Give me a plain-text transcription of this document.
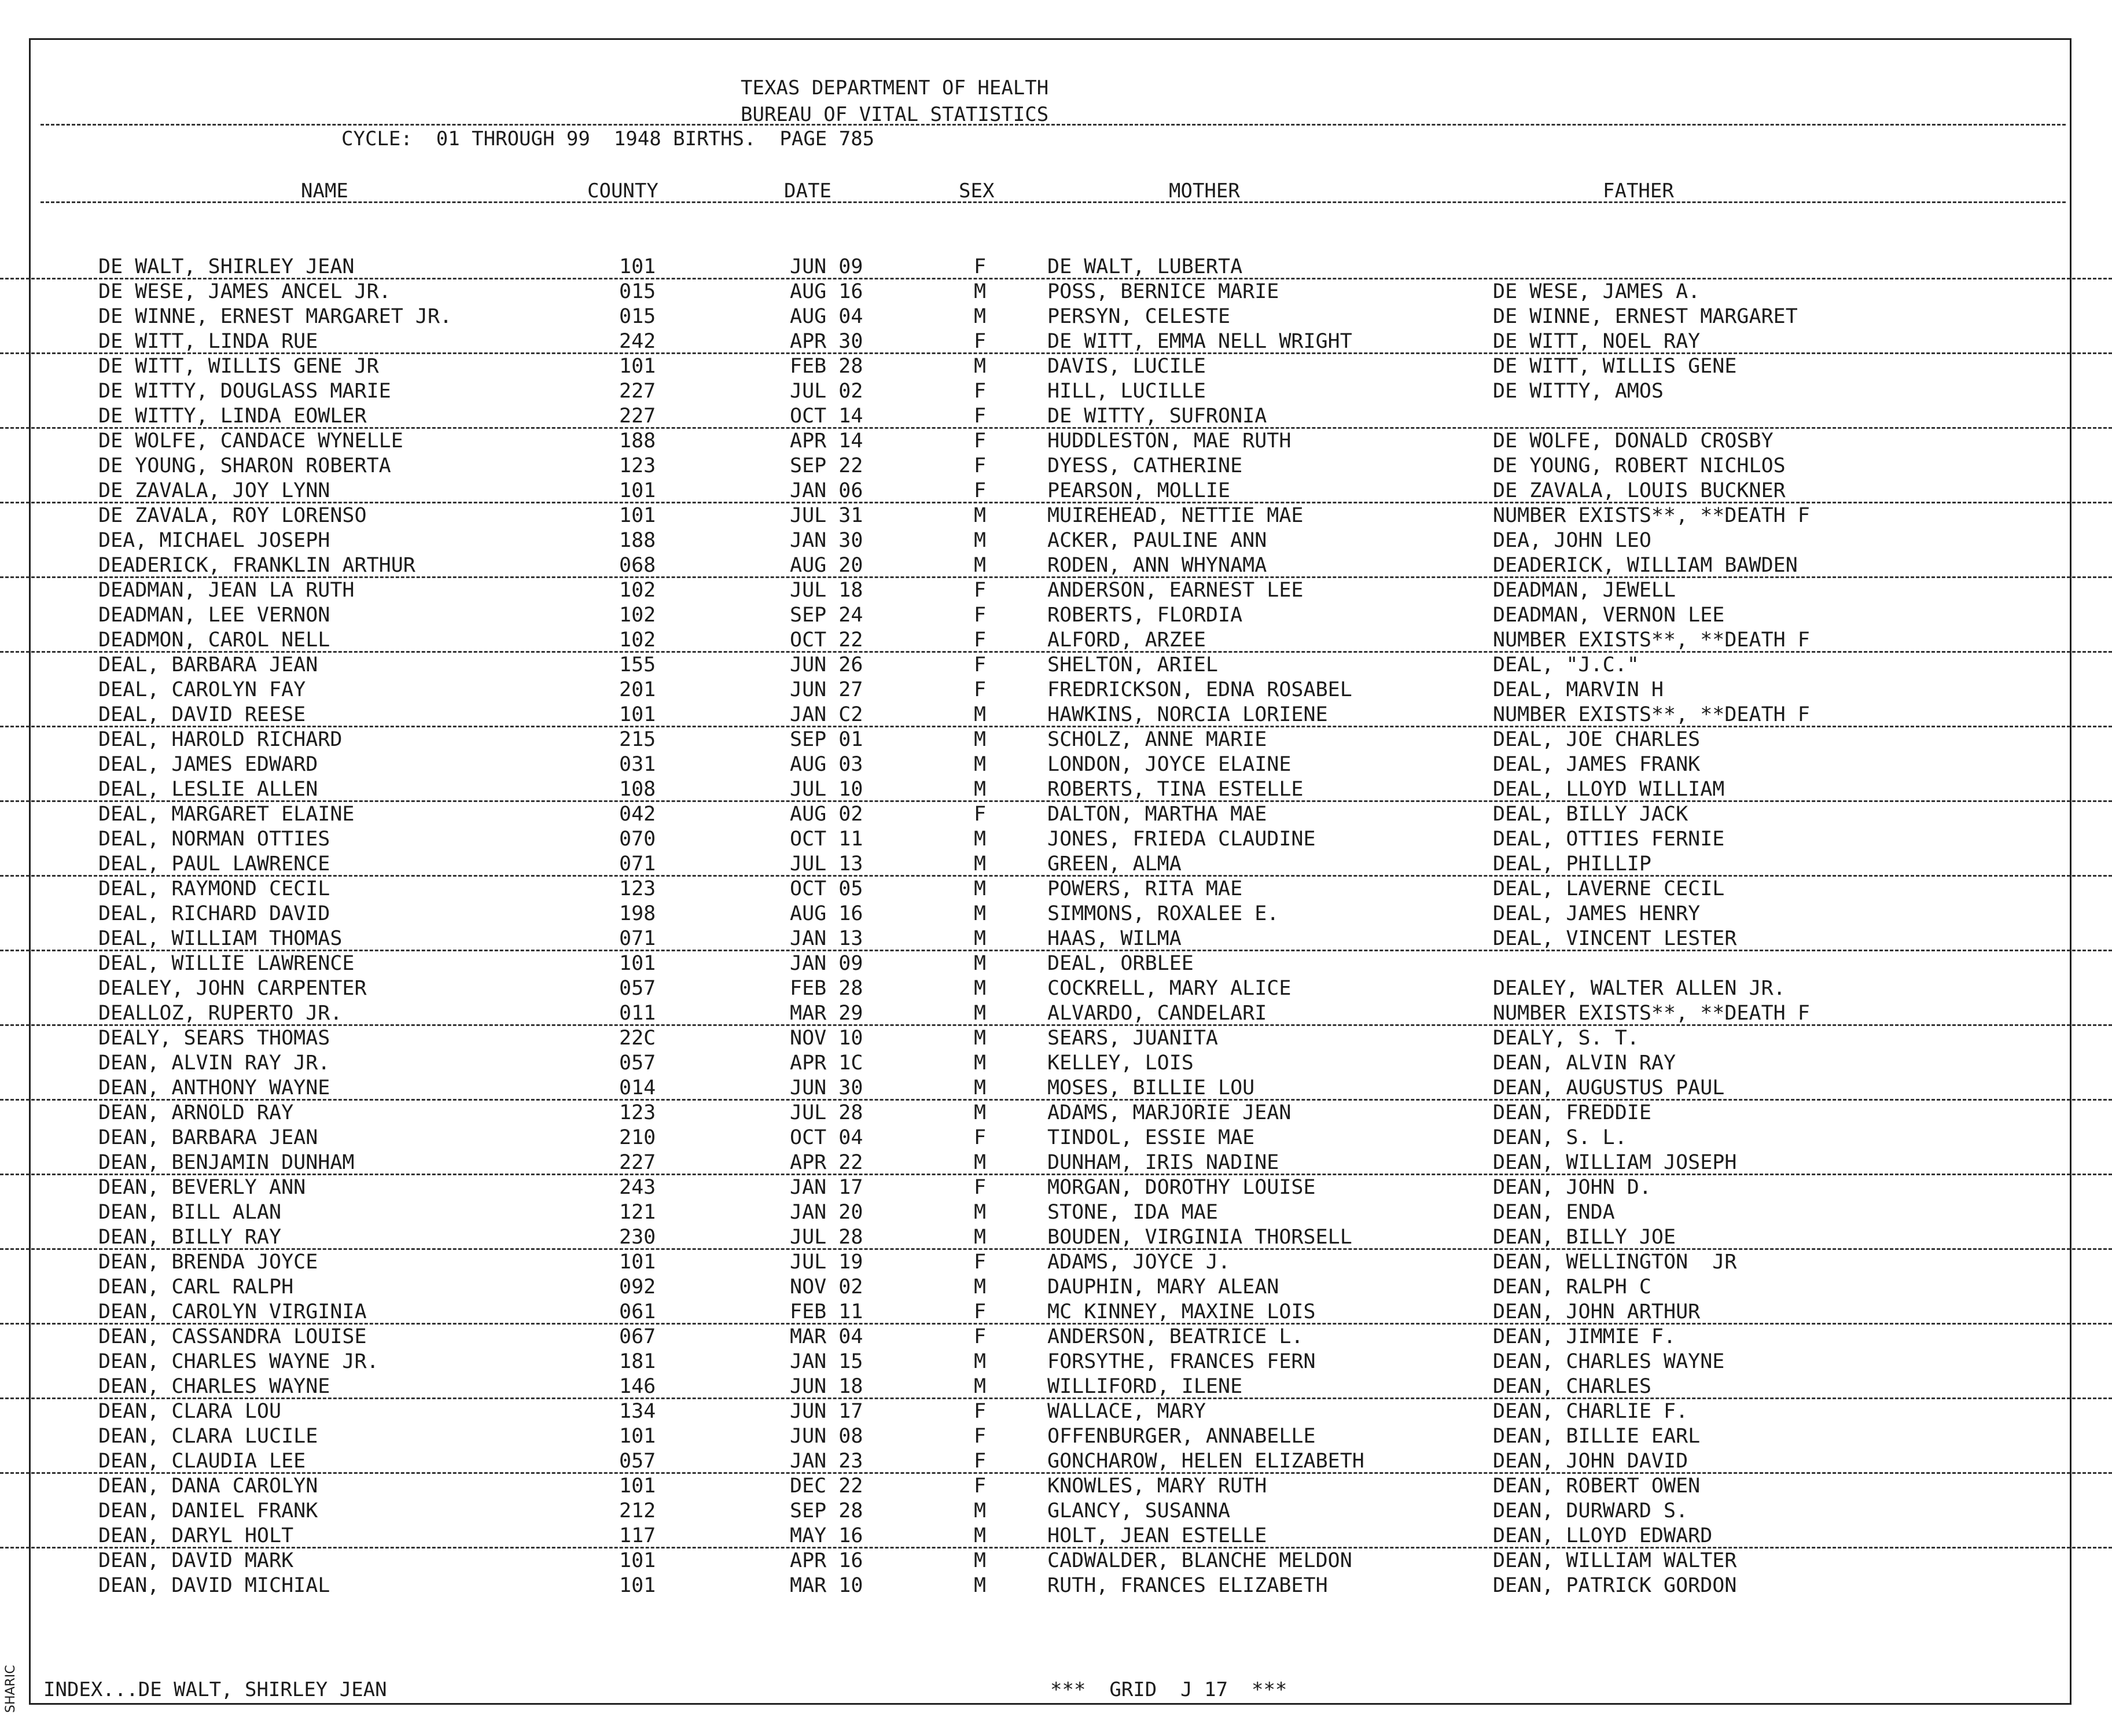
TEXAS DEPARTMENT OF HEALTH
BUREAU OF VITAL STATISTICS
CYCLE:  01 THROUGH 99  1948 BIRTHS.  PAGE 785
NAME	COUNTY	DATE	SEX	MOTHER	FATHER
DE WALT, SHIRLEY JEAN	101	JUN 09	F	DE WALT, LUBERTA
DE WESE, JAMES ANCEL JR.	015	AUG 16	M	POSS, BERNICE MARIE	DE WESE, JAMES A.
DE WINNE, ERNEST MARGARET JR.	015	AUG 04	M	PERSYN, CELESTE	DE WINNE, ERNEST MARGARET
DE WITT, LINDA RUE	242	APR 30	F	DE WITT, EMMA NELL WRIGHT	DE WITT, NOEL RAY
DE WITT, WILLIS GENE JR	101	FEB 28	M	DAVIS, LUCILE	DE WITT, WILLIS GENE
DE WITTY, DOUGLASS MARIE	227	JUL 02	F	HILL, LUCILLE	DE WITTY, AMOS
DE WITTY, LINDA EOWLER	227	OCT 14	F	DE WITTY, SUFRONIA
DE WOLFE, CANDACE WYNELLE	188	APR 14	F	HUDDLESTON, MAE RUTH	DE WOLFE, DONALD CROSBY
DE YOUNG, SHARON ROBERTA	123	SEP 22	F	DYESS, CATHERINE	DE YOUNG, ROBERT NICHLOS
DE ZAVALA, JOY LYNN	101	JAN 06	F	PEARSON, MOLLIE	DE ZAVALA, LOUIS BUCKNER
DE ZAVALA, ROY LORENSO	101	JUL 31	M	MUIREHEAD, NETTIE MAE	NUMBER EXISTS**, **DEATH F
DEA, MICHAEL JOSEPH	188	JAN 30	M	ACKER, PAULINE ANN	DEA, JOHN LEO
DEADERICK, FRANKLIN ARTHUR	068	AUG 20	M	RODEN, ANN WHYNAMA	DEADERICK, WILLIAM BAWDEN
DEADMAN, JEAN LA RUTH	102	JUL 18	F	ANDERSON, EARNEST LEE	DEADMAN, JEWELL
DEADMAN, LEE VERNON	102	SEP 24	F	ROBERTS, FLORDIA	DEADMAN, VERNON LEE
DEADMON, CAROL NELL	102	OCT 22	F	ALFORD, ARZEE	NUMBER EXISTS**, **DEATH F
DEAL, BARBARA JEAN	155	JUN 26	F	SHELTON, ARIEL	DEAL, "J.C."
DEAL, CAROLYN FAY	201	JUN 27	F	FREDRICKSON, EDNA ROSABEL	DEAL, MARVIN H
DEAL, DAVID REESE	101	JAN C2	M	HAWKINS, NORCIA LORIENE	NUMBER EXISTS**, **DEATH F
DEAL, HAROLD RICHARD	215	SEP 01	M	SCHOLZ, ANNE MARIE	DEAL, JOE CHARLES
DEAL, JAMES EDWARD	031	AUG 03	M	LONDON, JOYCE ELAINE	DEAL, JAMES FRANK
DEAL, LESLIE ALLEN	108	JUL 10	M	ROBERTS, TINA ESTELLE	DEAL, LLOYD WILLIAM
DEAL, MARGARET ELAINE	042	AUG 02	F	DALTON, MARTHA MAE	DEAL, BILLY JACK
DEAL, NORMAN OTTIES	070	OCT 11	M	JONES, FRIEDA CLAUDINE	DEAL, OTTIES FERNIE
DEAL, PAUL LAWRENCE	071	JUL 13	M	GREEN, ALMA	DEAL, PHILLIP
DEAL, RAYMOND CECIL	123	OCT 05	M	POWERS, RITA MAE	DEAL, LAVERNE CECIL
DEAL, RICHARD DAVID	198	AUG 16	M	SIMMONS, ROXALEE E.	DEAL, JAMES HENRY
DEAL, WILLIAM THOMAS	071	JAN 13	M	HAAS, WILMA	DEAL, VINCENT LESTER
DEAL, WILLIE LAWRENCE	101	JAN 09	M	DEAL, ORBLEE
DEALEY, JOHN CARPENTER	057	FEB 28	M	COCKRELL, MARY ALICE	DEALEY, WALTER ALLEN JR.
DEALLOZ, RUPERTO JR.	011	MAR 29	M	ALVARDO, CANDELARI	NUMBER EXISTS**, **DEATH F
DEALY, SEARS THOMAS	22C	NOV 10	M	SEARS, JUANITA	DEALY, S. T.
DEAN, ALVIN RAY JR.	057	APR 1C	M	KELLEY, LOIS	DEAN, ALVIN RAY
DEAN, ANTHONY WAYNE	014	JUN 30	M	MOSES, BILLIE LOU	DEAN, AUGUSTUS PAUL
DEAN, ARNOLD RAY	123	JUL 28	M	ADAMS, MARJORIE JEAN	DEAN, FREDDIE
DEAN, BARBARA JEAN	210	OCT 04	F	TINDOL, ESSIE MAE	DEAN, S. L.
DEAN, BENJAMIN DUNHAM	227	APR 22	M	DUNHAM, IRIS NADINE	DEAN, WILLIAM JOSEPH
DEAN, BEVERLY ANN	243	JAN 17	F	MORGAN, DOROTHY LOUISE	DEAN, JOHN D.
DEAN, BILL ALAN	121	JAN 20	M	STONE, IDA MAE	DEAN, ENDA
DEAN, BILLY RAY	230	JUL 28	M	BOUDEN, VIRGINIA THORSELL	DEAN, BILLY JOE
DEAN, BRENDA JOYCE	101	JUL 19	F	ADAMS, JOYCE J.	DEAN, WELLINGTON  JR
DEAN, CARL RALPH	092	NOV 02	M	DAUPHIN, MARY ALEAN	DEAN, RALPH C
DEAN, CAROLYN VIRGINIA	061	FEB 11	F	MC KINNEY, MAXINE LOIS	DEAN, JOHN ARTHUR
DEAN, CASSANDRA LOUISE	067	MAR 04	F	ANDERSON, BEATRICE L.	DEAN, JIMMIE F.
DEAN, CHARLES WAYNE JR.	181	JAN 15	M	FORSYTHE, FRANCES FERN	DEAN, CHARLES WAYNE
DEAN, CHARLES WAYNE	146	JUN 18	M	WILLIFORD, ILENE	DEAN, CHARLES
DEAN, CLARA LOU	134	JUN 17	F	WALLACE, MARY	DEAN, CHARLIE F.
DEAN, CLARA LUCILE	101	JUN 08	F	OFFENBURGER, ANNABELLE	DEAN, BILLIE EARL
DEAN, CLAUDIA LEE	057	JAN 23	F	GONCHAROW, HELEN ELIZABETH	DEAN, JOHN DAVID
DEAN, DANA CAROLYN	101	DEC 22	F	KNOWLES, MARY RUTH	DEAN, ROBERT OWEN
DEAN, DANIEL FRANK	212	SEP 28	M	GLANCY, SUSANNA	DEAN, DURWARD S.
DEAN, DARYL HOLT	117	MAY 16	M	HOLT, JEAN ESTELLE	DEAN, LLOYD EDWARD
DEAN, DAVID MARK	101	APR 16	M	CADWALDER, BLANCHE MELDON	DEAN, WILLIAM WALTER
DEAN, DAVID MICHIAL	101	MAR 10	M	RUTH, FRANCES ELIZABETH	DEAN, PATRICK GORDON
INDEX...DE WALT, SHIRLEY JEAN	***  GRID  J 17  ***
SHARIC
